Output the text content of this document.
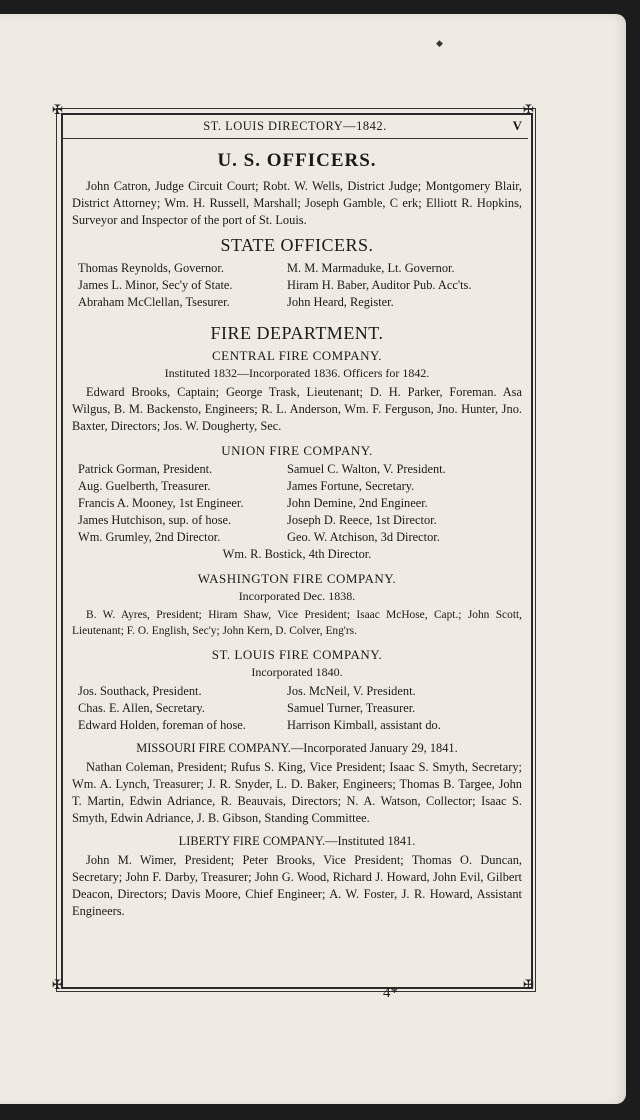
◆
✠	✠
✠	✠
ST. LOUIS DIRECTORY—1842.	V
U. S. OFFICERS.
John Catron, Judge Circuit Court; Robt. W. Wells, District Judge; Montgomery Blair, District Attorney; Wm. H. Russell, Marshall; Joseph Gamble, C erk; Elliott R. Hopkins, Surveyor and Inspector of the port of St. Louis.
STATE OFFICERS.
Thomas Reynolds, Governor.	M. M. Marmaduke, Lt. Governor.
James L. Minor, Sec'y of State.	Hiram H. Baber, Auditor Pub. Acc'ts.
Abraham McClellan, Tsesurer.	John Heard, Register.
FIRE DEPARTMENT.
CENTRAL FIRE COMPANY.
Instituted 1832—Incorporated 1836. Officers for 1842.
Edward Brooks, Captain; George Trask, Lieutenant; D. H. Parker, Foreman. Asa Wilgus, B. M. Backensto, Engineers; R. L. Anderson, Wm. F. Ferguson, Jno. Hunter, Jno. Baxter, Directors; Jos. W. Dougherty, Sec.
UNION FIRE COMPANY.
Patrick Gorman, President.	Samuel C. Walton, V. President.
Aug. Guelberth, Treasurer.	James Fortune, Secretary.
Francis A. Mooney, 1st Engineer.	John Demine, 2nd Engineer.
James Hutchison, sup. of hose.	Joseph D. Reece, 1st Director.
Wm. Grumley, 2nd Director.	Geo. W. Atchison, 3d Director.
Wm. R. Bostick, 4th Director.
WASHINGTON FIRE COMPANY.
Incorporated Dec. 1838.
B. W. Ayres, President; Hiram Shaw, Vice President; Isaac McHose, Capt.; John Scott, Lieutenant; F. O. English, Sec'y; John Kern, D. Colver, Eng'rs.
ST. LOUIS FIRE COMPANY.
Incorporated 1840.
Jos. Southack, President.	Jos. McNeil, V. President.
Chas. E. Allen, Secretary.	Samuel Turner, Treasurer.
Edward Holden, foreman of hose.	Harrison Kimball, assistant do.
MISSOURI FIRE COMPANY.—Incorporated January 29, 1841.
Nathan Coleman, President; Rufus S. King, Vice President; Isaac S. Smyth, Secretary; Wm. A. Lynch, Treasurer; J. R. Snyder, L. D. Baker, Engineers; Thomas B. Targee, John T. Martin, Edwin Adriance, R. Beauvais, Directors; N. A. Watson, Collector; Isaac S. Smyth, Edwin Adriance, J. B. Gibson, Standing Committee.
LIBERTY FIRE COMPANY.—Instituted 1841.
John M. Wimer, President; Peter Brooks, Vice President; Thomas O. Duncan, Secretary; John F. Darby, Treasurer; John G. Wood, Richard J. Howard, John Evil, Gilbert Deacon, Directors; Davis Moore, Chief Engineer; A. W. Foster, J. R. Howard, Assistant Engineers.
4*
